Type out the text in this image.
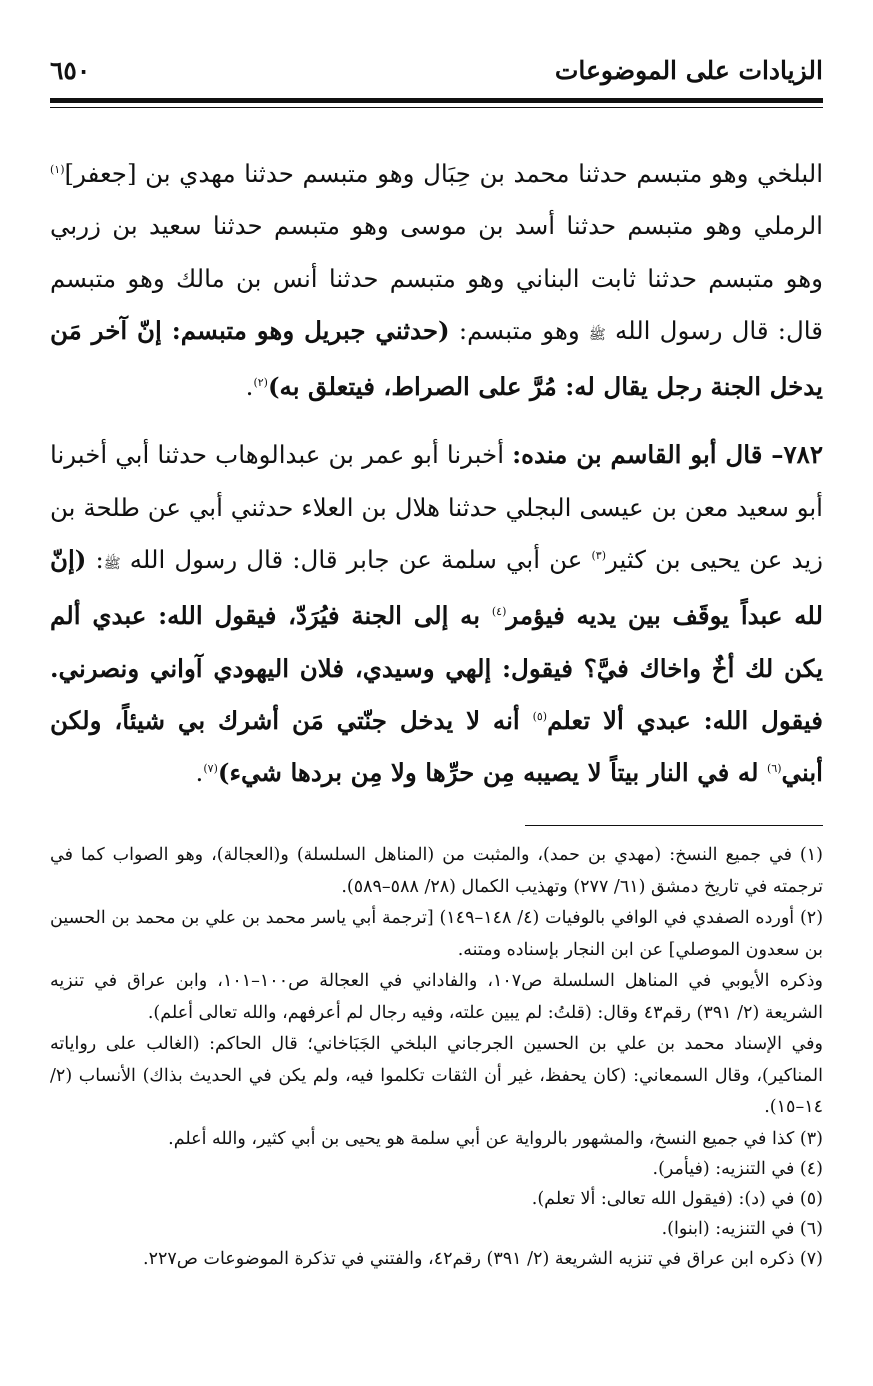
الزيادات على الموضوعات
٦٥٠

البلخي وهو متبسم حدثنا محمد بن حِبَال وهو متبسم حدثنا مهدي بن [جعفر]$^{(١)}$ الرملي وهو متبسم حدثنا أسد بن موسى وهو متبسم حدثنا سعيد بن زربي وهو متبسم حدثنا ثابت البناني وهو متبسم حدثنا أنس بن مالك وهو متبسم قال: قال رسول الله ﷺ وهو متبسم: (حدثني جبريل وهو متبسم: إنّ آخر مَن يدخل الجنة رجل يقال له: مُرَّ على الصراط، فيتعلق به)$^{(٢)}$.

٧٨٢– قال أبو القاسم بن منده: أخبرنا أبو عمر بن عبدالوهاب حدثنا أبي أخبرنا أبو سعيد معن بن عيسى البجلي حدثنا هلال بن العلاء حدثني أبي عن طلحة بن زيد عن يحيى بن كثير$^{(٣)}$ عن أبي سلمة عن جابر قال: قال رسول الله ﷺ: (إنّ لله عبداً يوقَف بين يديه فيؤمر$^{(٤)}$ به إلى الجنة فيُرَدّ، فيقول الله: عبدي ألم يكن لك أخٌ واخاك فيَّ؟ فيقول: إلهي وسيدي، فلان اليهودي آواني ونصرني. فيقول الله: عبدي ألا تعلم$^{(٥)}$ أنه لا يدخل جنّتي مَن أشرك بي شيئاً، ولكن أبني$^{(٦)}$ له في النار بيتاً لا يصيبه مِن حرِّها ولا مِن بردها شيء)$^{(٧)}$.

(١) في جميع النسخ: (مهدي بن حمد)، والمثبت من (المناهل السلسلة) و(العجالة)، وهو الصواب كما في ترجمته في تاريخ دمشق (٦١/ ٢٧٧) وتهذيب الكمال (٢٨/ ٥٨٨–٥٨٩).

(٢) أورده الصفدي في الوافي بالوفيات (٤/ ١٤٨–١٤٩) [ترجمة أبي ياسر محمد بن علي بن محمد بن الحسين بن سعدون الموصلي] عن ابن النجار بإسناده ومتنه.

وذكره الأيوبي في المناهل السلسلة ص١٠٧، والفاداني في العجالة ص١٠٠–١٠١، وابن عراق في تنزيه الشريعة (٢/ ٣٩١) رقم٤٣ وقال: (قلتُ: لم يبين علته، وفيه رجال لم أعرفهم، والله تعالى أعلم).

وفي الإسناد محمد بن علي بن الحسين الجرجاني البلخي الجَبَاخاني؛ قال الحاكم: (الغالب على رواياته المناكير)، وقال السمعاني: (كان يحفظ، غير أن الثقات تكلموا فيه، ولم يكن في الحديث بذاك) الأنساب (٢/ ١٤–١٥).

(٣) كذا في جميع النسخ، والمشهور بالرواية عن أبي سلمة هو يحيى بن أبي كثير، والله أعلم.

(٤) في التنزيه: (فيأمر).

(٥) في (د): (فيقول الله تعالى: ألا تعلم).

(٦) في التنزيه: (ابنوا).

(٧) ذكره ابن عراق في تنزيه الشريعة (٢/ ٣٩١) رقم٤٢، والفتني في تذكرة الموضوعات ص٢٢٧.
